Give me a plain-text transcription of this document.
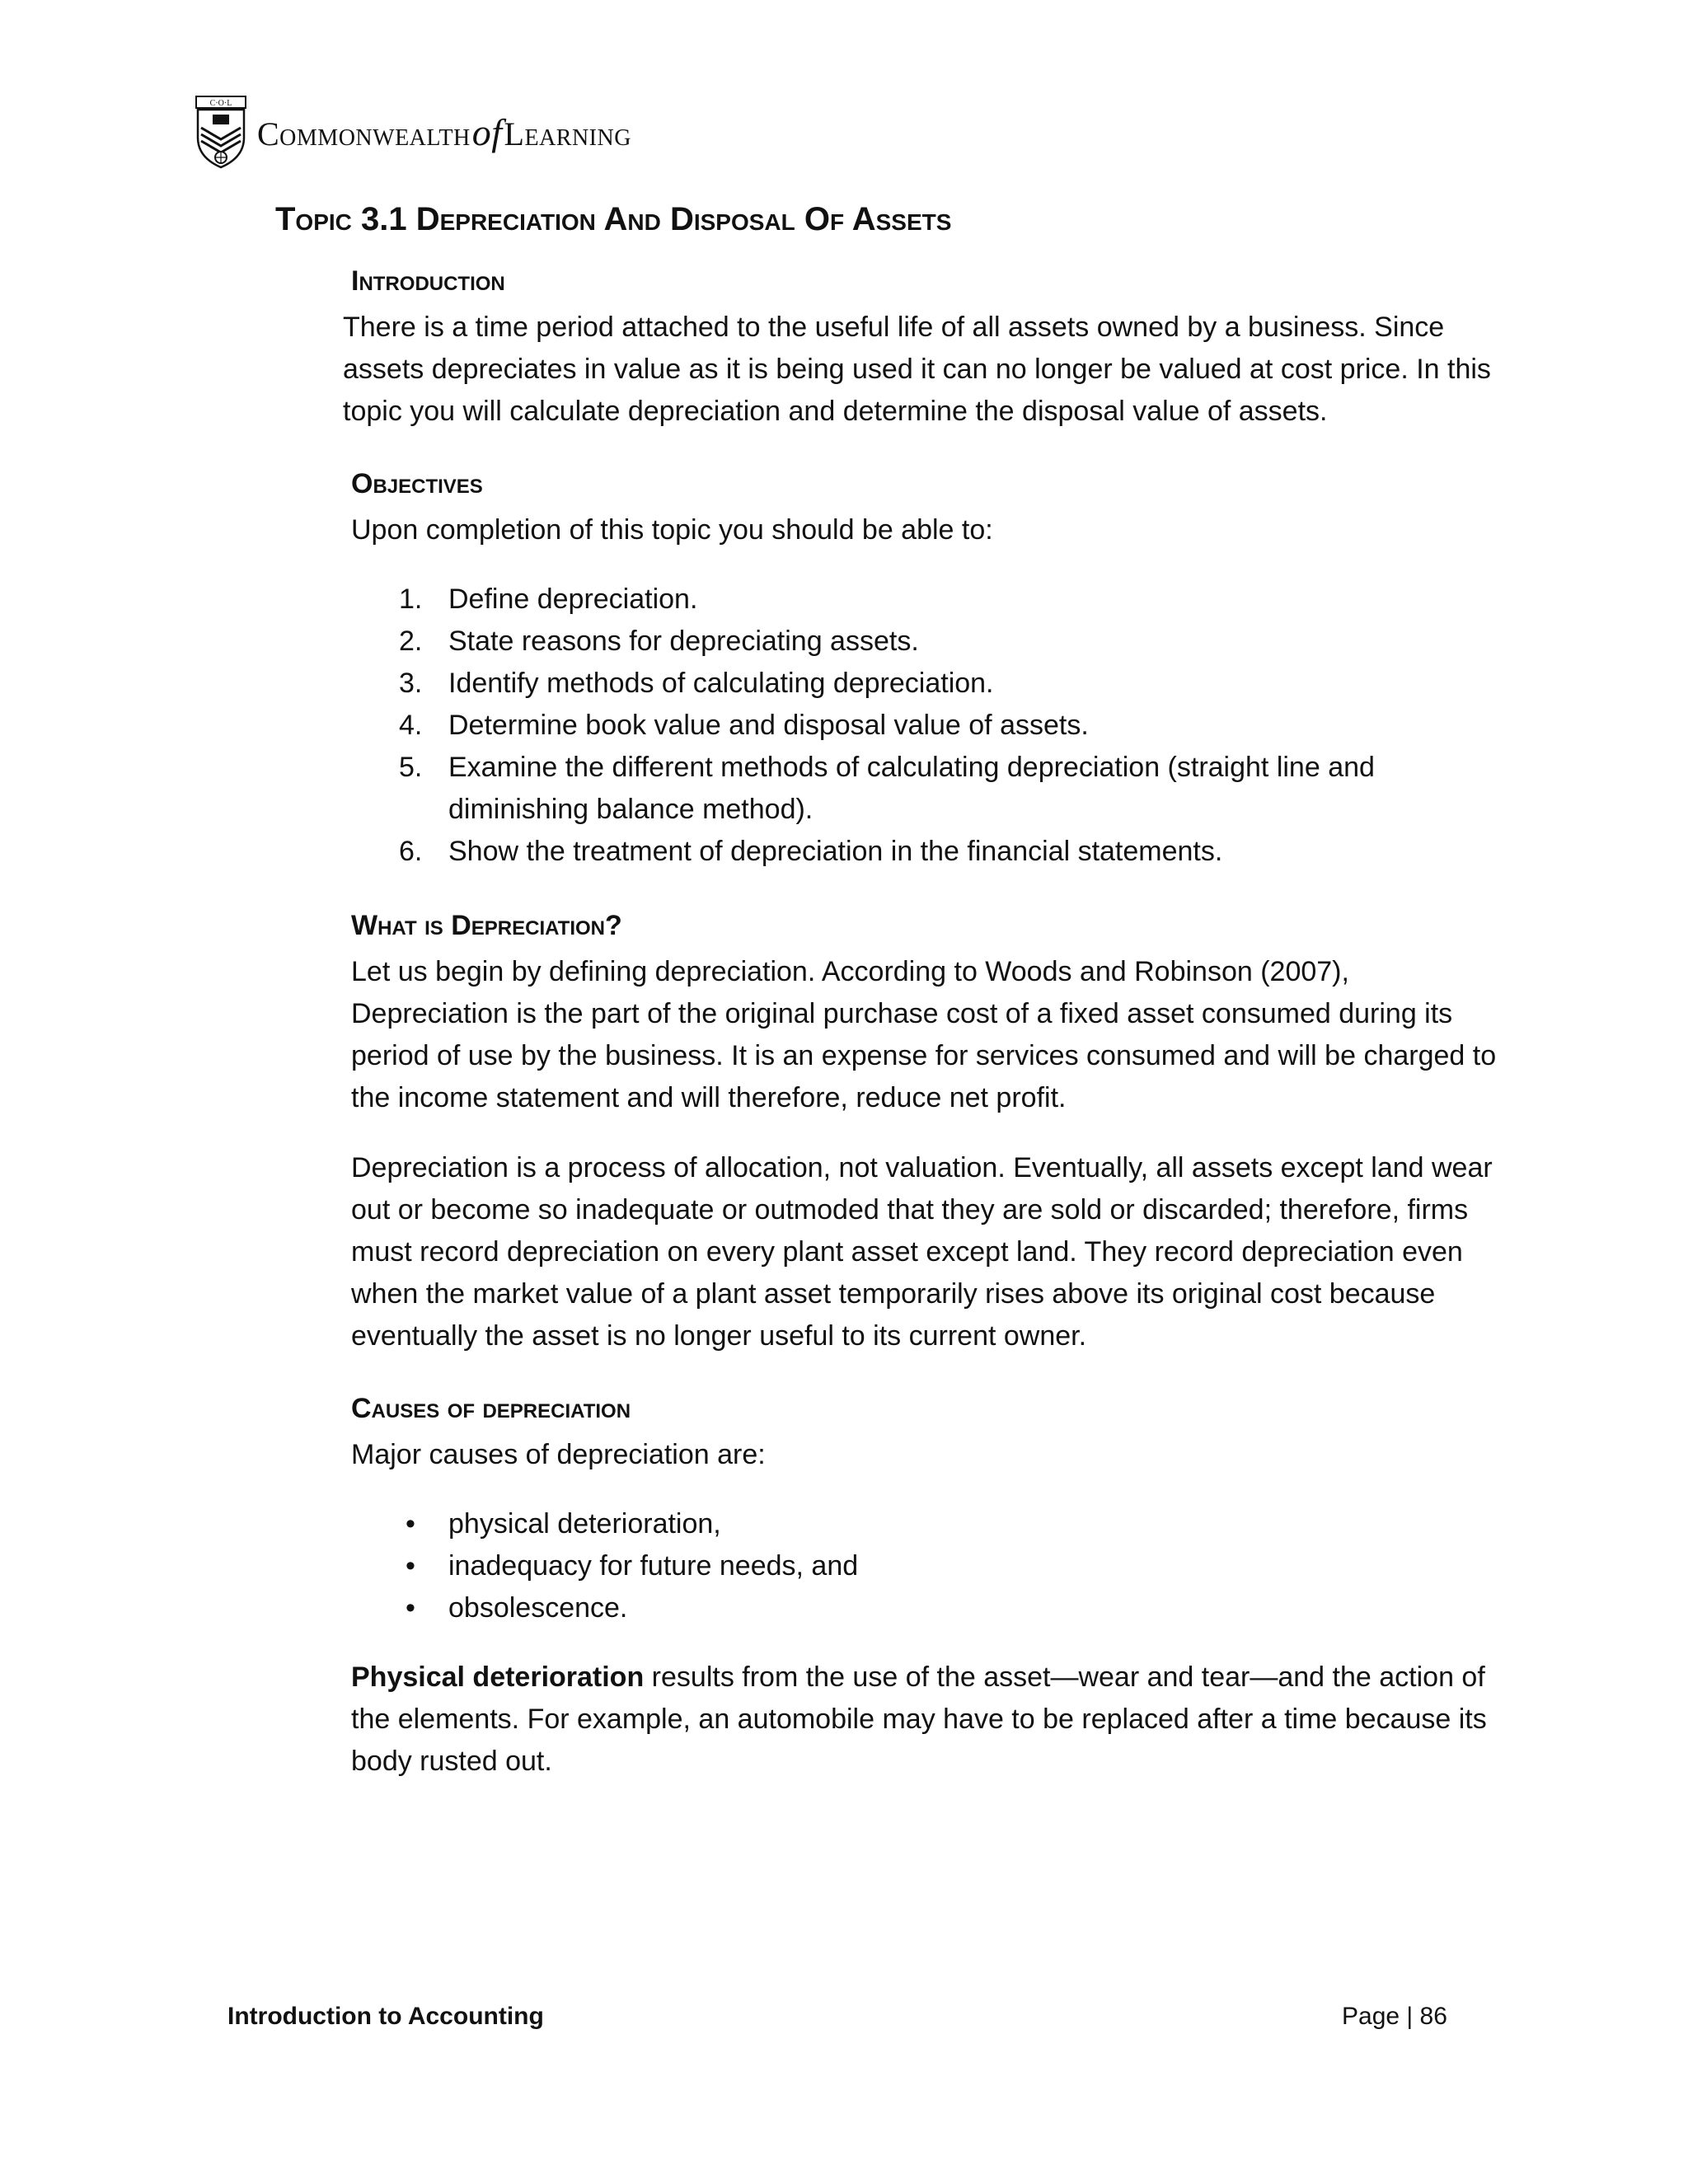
C·O·L
CommonwealthofLearning
Topic 3.1 Depreciation And Disposal Of Assets
Introduction

There is a time period attached to the useful life of all assets owned by a business. Since assets depreciates in value as it is being used it can no longer be valued at cost price. In this topic you will calculate depreciation and determine the disposal value of assets.

Objectives

Upon completion of this topic you should be able to:

1. Define depreciation.
2. State reasons for depreciating assets.
3. Identify methods of calculating depreciation.
4. Determine book value and disposal value of assets.
5. Examine the different methods of calculating depreciation (straight line and diminishing balance method).
6. Show the treatment of depreciation in the financial statements.
What is Depreciation?

Let us begin by defining depreciation. According to Woods and Robinson (2007), Depreciation is the part of the original purchase cost of a fixed asset consumed during its period of use by the business. It is an expense for services consumed and will be charged to the income statement and will therefore, reduce net profit.

Depreciation is a process of allocation, not valuation. Eventually, all assets except land wear out or become so inadequate or outmoded that they are sold or discarded; therefore, firms must record depreciation on every plant asset except land. They record depreciation even when the market value of a plant asset temporarily rises above its original cost because eventually the asset is no longer useful to its current owner.

Causes of depreciation

Major causes of depreciation are:

• physical deterioration,
• inadequacy for future needs, and
• obsolescence.

Physical deterioration results from the use of the asset—wear and tear—and the action of the elements. For example, an automobile may have to be replaced after a time because its body rusted out.

Introduction to Accounting	Page | 86
